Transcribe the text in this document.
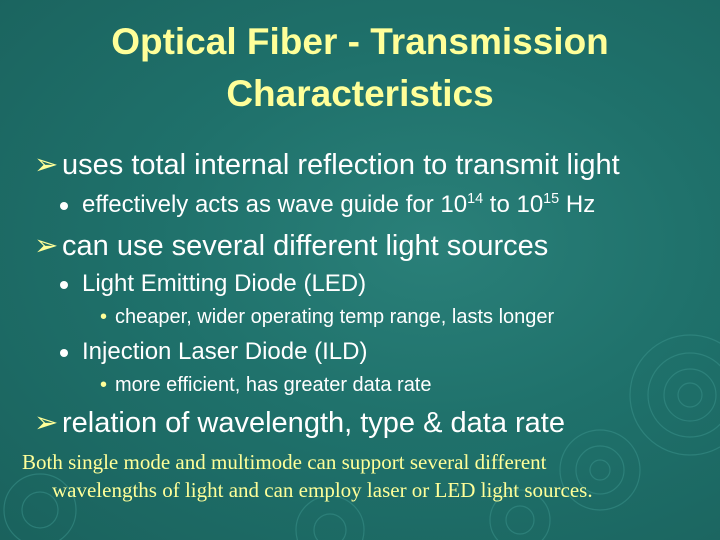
Optical Fiber - Transmission
Characteristics
➢ uses total internal reflection to transmit light
effectively acts as wave guide for $10^{14}$ to $10^{15}$ Hz
➢ can use several different light sources
Light Emitting Diode (LED)
• cheaper, wider operating temp range, lasts longer
Injection Laser Diode (ILD)
• more efficient, has greater data rate
➢ relation of wavelength, type & data rate
Both single mode and multimode can support several different
wavelengths of light and can employ laser or LED light sources.
